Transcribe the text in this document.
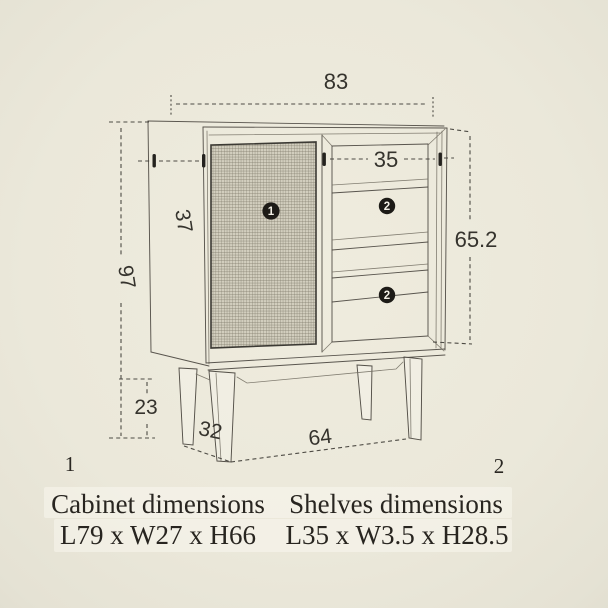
83
37
35
97
65.2
23
32	64
1	2
2
1	2
Cabinet dimensions
L79 x W27 x H66
Shelves dimensions
L35 x W3.5 x H28.5
